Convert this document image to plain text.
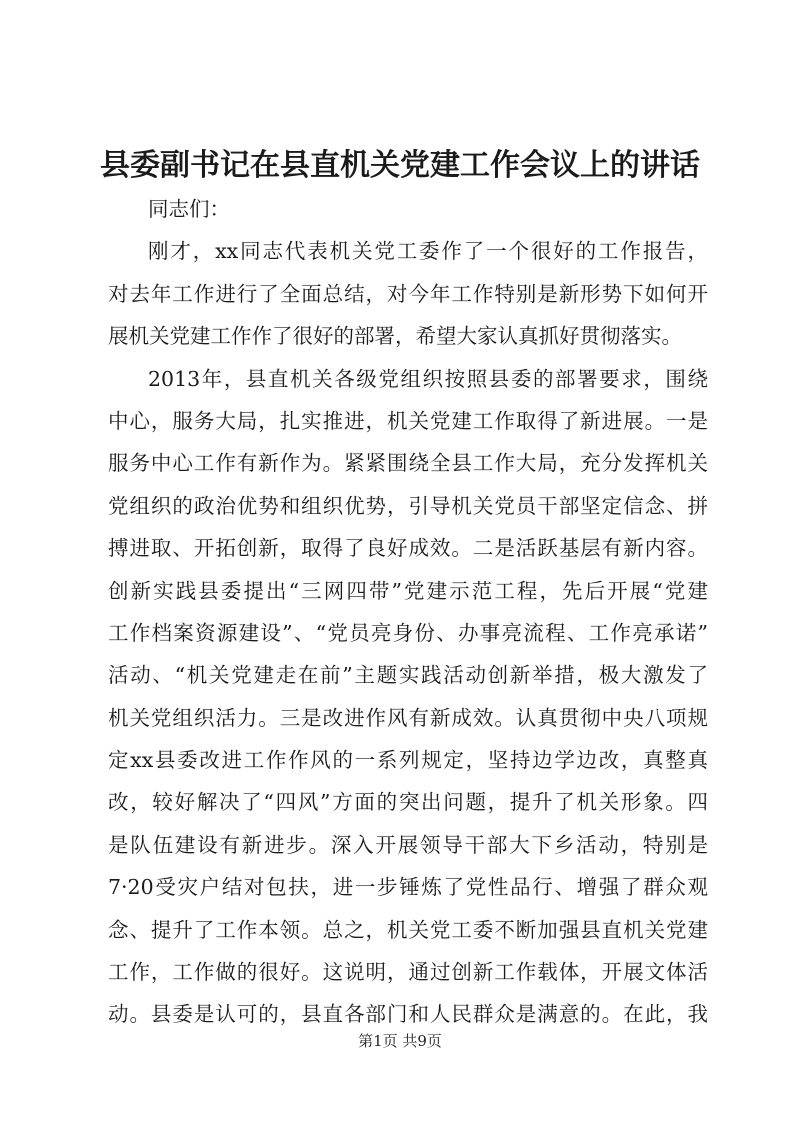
县委副书记在县直机关党建工作会议上的讲话
同志们：
刚才，xx同志代表机关党工委作了一个很好的工作报告，
对去年工作进行了全面总结，对今年工作特别是新形势下如何开
展机关党建工作作了很好的部署，希望大家认真抓好贯彻落实。
2013年，县直机关各级党组织按照县委的部署要求，围绕
中心，服务大局，扎实推进，机关党建工作取得了新进展。一是
服务中心工作有新作为。紧紧围绕全县工作大局，充分发挥机关
党组织的政治优势和组织优势，引导机关党员干部坚定信念、拼
搏进取、开拓创新，取得了良好成效。二是活跃基层有新内容。
创新实践县委提出“三网四带”党建示范工程，先后开展“党建
工作档案资源建设”、“党员亮身份、办事亮流程、工作亮承诺”
活动、“机关党建走在前”主题实践活动创新举措，极大激发了
机关党组织活力。三是改进作风有新成效。认真贯彻中央八项规
定xx县委改进工作作风的一系列规定，坚持边学边改，真整真
改，较好解决了“四风”方面的突出问题，提升了机关形象。四
是队伍建设有新进步。深入开展领导干部大下乡活动，特别是
7·20受灾户结对包扶，进一步锤炼了党性品行、增强了群众观
念、提升了工作本领。总之，机关党工委不断加强县直机关党建
工作，工作做的很好。这说明，通过创新工作载体，开展文体活
动。县委是认可的，县直各部门和人民群众是满意的。在此，我
第1页 共9页
